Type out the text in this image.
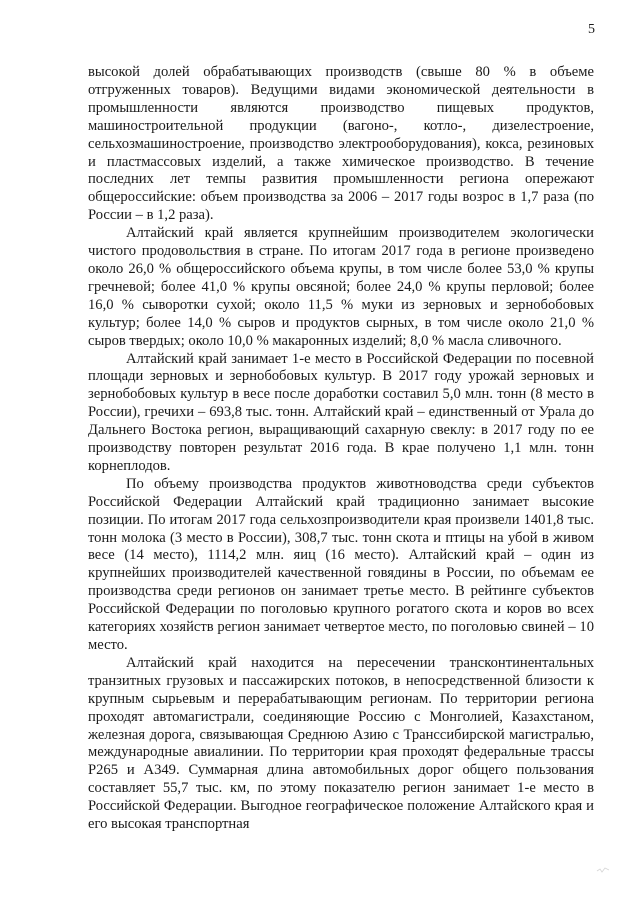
5

высокой долей обрабатывающих производств (свыше 80 % в объеме отгруженных товаров). Ведущими видами экономической деятельности в промышленности являются производство пищевых продуктов, машиностроительной продукции (вагоно-, котло-, дизелестроение, сельхозмашиностроение, производство электрооборудования), кокса, резиновых и пластмассовых изделий, а также химическое производство. В течение последних лет темпы развития промышленности региона опережают общероссийские: объем производства за 2006 – 2017 годы возрос в 1,7 раза (по России – в 1,2 раза).

Алтайский край является крупнейшим производителем экологически чистого продовольствия в стране. По итогам 2017 года в регионе произведено около 26,0 % общероссийского объема крупы, в том числе более 53,0 % крупы гречневой; более 41,0 % крупы овсяной; более 24,0 % крупы перловой; более 16,0 % сыворотки сухой; около 11,5 % муки из зерновых и зернобобовых культур; более 14,0 % сыров и продуктов сырных, в том числе около 21,0 % сыров твердых; около 10,0 % макаронных изделий; 8,0 % масла сливочного.

Алтайский край занимает 1-е место в Российской Федерации по посевной площади зерновых и зернобобовых культур. В 2017 году урожай зерновых и зернобобовых культур в весе после доработки составил 5,0 млн. тонн (8 место в России), гречихи – 693,8 тыс. тонн. Алтайский край – единственный от Урала до Дальнего Востока регион, выращивающий сахарную свеклу: в 2017 году по ее производству повторен результат 2016 года. В крае получено 1,1 млн. тонн корнеплодов.

По объему производства продуктов животноводства среди субъектов Российской Федерации Алтайский край традиционно занимает высокие позиции. По итогам 2017 года сельхозпроизводители края произвели 1401,8 тыс. тонн молока (3 место в России), 308,7 тыс. тонн скота и птицы на убой в живом весе (14 место), 1114,2 млн. яиц (16 место). Алтайский край – один из крупнейших производителей качественной говядины в России, по объемам ее производства среди регионов он занимает третье место. В рейтинге субъектов Российской Федерации по поголовью крупного рогатого скота и коров во всех категориях хозяйств регион занимает четвертое место, по поголовью свиней – 10 место.

Алтайский край находится на пересечении трансконтинентальных транзитных грузовых и пассажирских потоков, в непосредственной близости к крупным сырьевым и перерабатывающим регионам. По территории региона проходят автомагистрали, соединяющие Россию с Монголией, Казахстаном, железная дорога, связывающая Среднюю Азию с Транссибирской магистралью, международные авиалинии. По территории края проходят федеральные трассы Р265 и А349. Суммарная длина автомобильных дорог общего пользования составляет 55,7 тыс. км, по этому показателю регион занимает 1-е место в Российской Федерации. Выгодное географическое положение Алтайского края и его высокая транспортная
